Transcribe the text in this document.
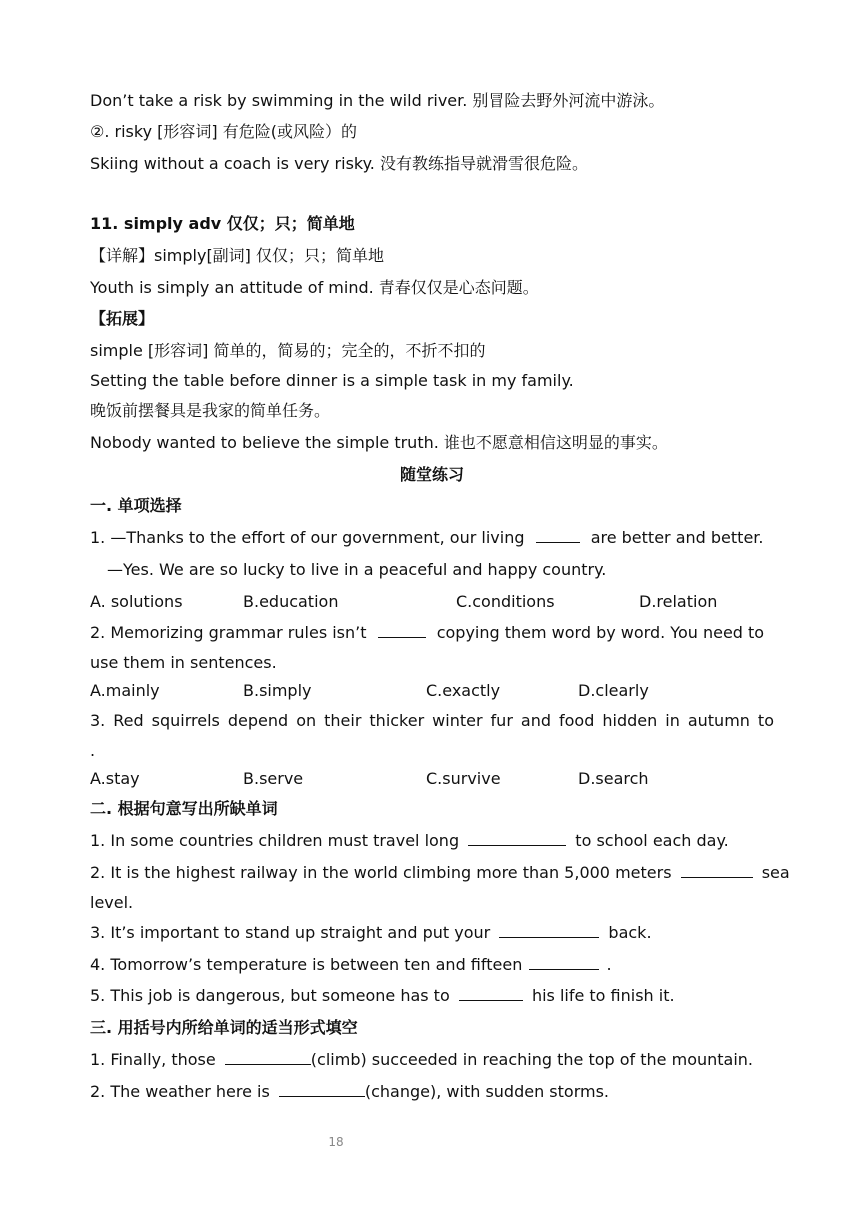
Don’t take a risk by swimming in the wild river. 别冒险去野外河流中游泳。
②. risky [形容词] 有危险(或风险）的
Skiing without a coach is very risky. 没有教练指导就滑雪很危险。
11. simply adv 仅仅；只；简单地
【详解】simply[副词] 仅仅；只；简单地
Youth is simply an attitude of mind. 青春仅仅是心态问题。
【拓展】
simple [形容词] 简单的，简易的；完全的，不折不扣的
Setting the table before dinner is a simple task in my family.
晚饭前摆餐具是我家的简单任务。
Nobody wanted to believe the simple truth. 谁也不愿意相信这明显的事实。
随堂练习
一. 单项选择
1. —Thanks to the effort of our government, our living	are better and better.
—Yes. We are so lucky to live in a peaceful and happy country.
A. solutions	B.education	C.conditions	D.relation
2. Memorizing grammar rules isn’t	copying them word by word. You need to
use them in sentences.
A.mainly	B.simply	C.exactly	D.clearly
3. Red squirrels depend on their thicker winter fur and food hidden in autumn to
.
A.stay	B.serve	C.survive	D.search
二. 根据句意写出所缺单词
1. In some countries children must travel long	to school each day.
2. It is the highest railway in the world climbing more than 5,000 meters	sea
level.
3. It’s important to stand up straight and put your	back.
4. Tomorrow’s temperature is between ten and fifteen	.
5. This job is dangerous, but someone has to	his life to finish it.
三. 用括号内所给单词的适当形式填空
1. Finally, those	(climb) succeeded in reaching the top of the mountain.
2. The weather here is	(change), with sudden storms.
18
